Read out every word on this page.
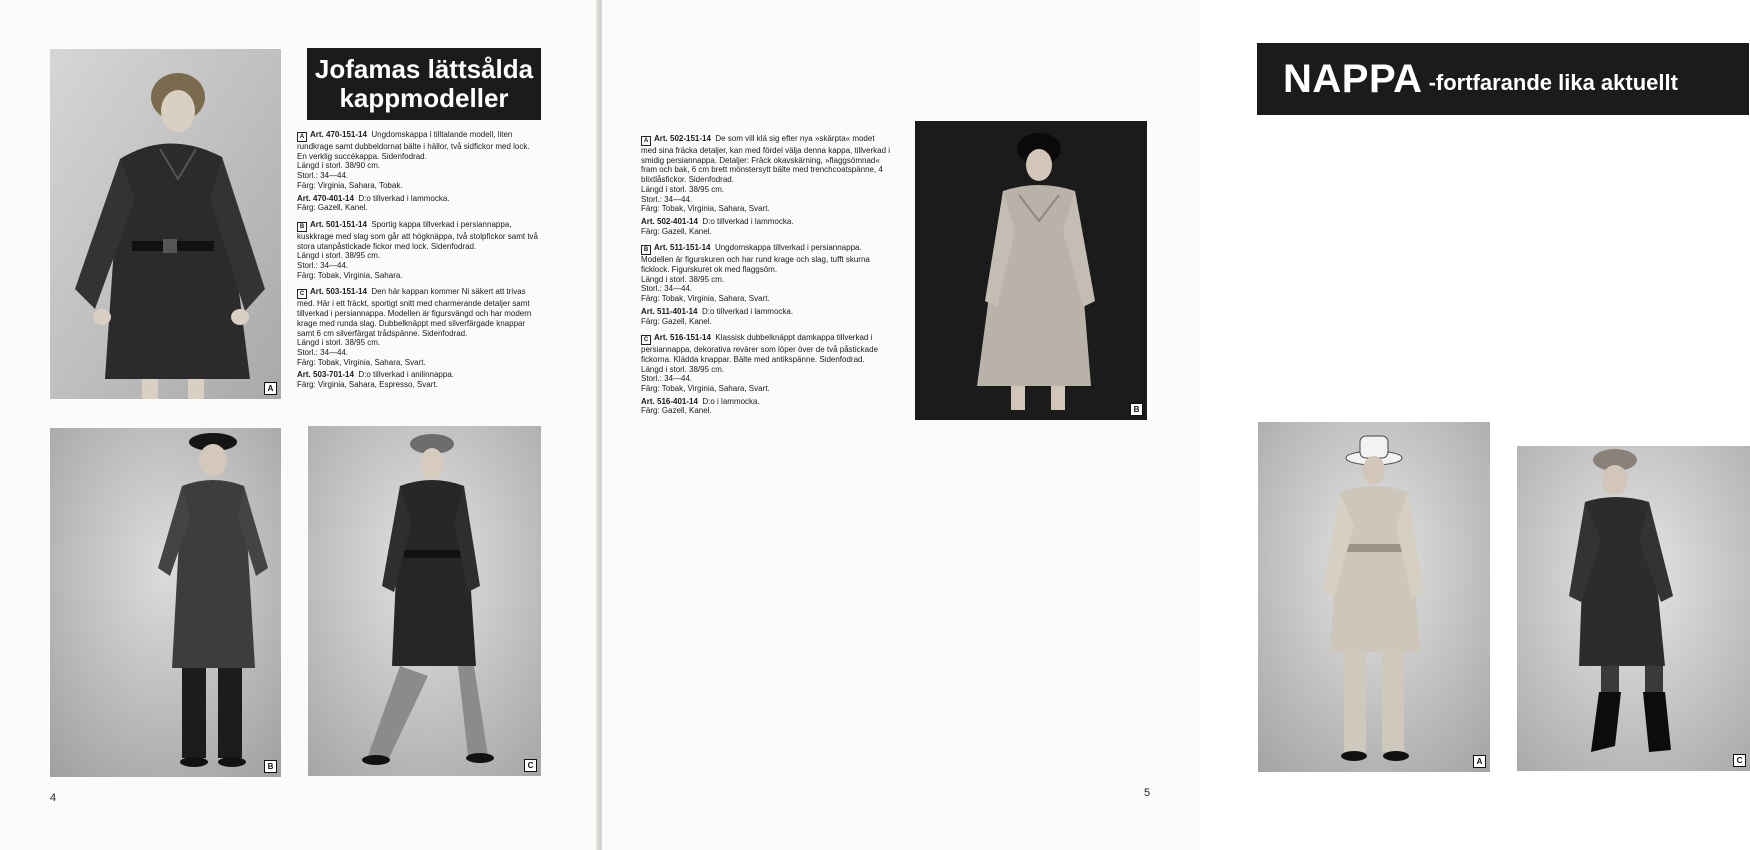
A
Jofamas lättsålda
kappmodeller
A Art. 470-151-14 Ungdomskappa i tilltalande modell, liten rundkrage samt dubbeldornat bälte i hällor, två sidfickor med lock. En verklig succékappa. Sidenfodrad.
Längd i storl. 38/90 cm.
Storl.: 34—44.
Färg: Virginia, Sahara, Tobak.
Art. 470-401-14 D:o tillverkad i lammocka.
Färg: Gazell, Kanel.
B Art. 501-151-14 Sportig kappa tillverkad i persiannappa, kuskkrage med slag som går att högknäppa, två stolpfickor samt två stora utanpåstickade fickor med lock. Sidenfodrad.
Längd i storl. 38/95 cm.
Storl.: 34—44.
Färg: Tobak, Virginia, Sahara.
C Art. 503-151-14 Den här kappan kommer Ni säkert att trivas med. Här i ett fräckt, sportigt snitt med charmerande detaljer samt tillverkad i persiannappa. Modellen är figursvängd och har modern krage med runda slag. Dubbelknäppt med silverfärgade knappar samt 6 cm silverfärgat trådspänne. Sidenfodrad.
Längd i storl. 38/95 cm.
Storl.: 34—44.
Färg: Tobak, Virginia, Sahara, Svart.
Art. 503-701-14 D:o tillverkad i anilinnappa.
Färg: Virginia, Sahara, Espresso, Svart.
B	C
4
NAPPA -fortfarande lika aktuellt
A Art. 502-151-14 De som vill klä sig efter nya »skärpta« modet med sina fräcka detaljer, kan med fördel välja denna kappa, tillverkad i smidig persiannappa. Detaljer: Fräck okavskärning, »flaggsömnad« fram och bak, 6 cm brett mönstersytt bälte med trenchcoatspänne, 4 blixtlåsfickor. Sidenfodrad.
Längd i storl. 38/95 cm.
Storl.: 34—44.
Färg: Tobak, Virginia, Sahara, Svart.
Art. 502-401-14 D:o tillverkad i lammocka.
Färg: Gazell, Kanel.
B Art. 511-151-14 Ungdomskappa tillverkad i persiannappa. Modellen är figurskuren och har rund krage och slag, tufft skurna ficklock. Figurskuret ok med flaggsöm.
Längd i storl. 38/95 cm.
Storl.: 34—44.
Färg: Tobak, Virginia, Sahara, Svart.
Art. 511-401-14 D:o tillverkad i lammocka.
Färg: Gazell, Kanel.
C Art. 516-151-14 Klassisk dubbelknäppt damkappa tillverkad i persiannappa, dekorativa revärer som löper över de två påstickade fickorna. Klädda knappar. Bälte med antikspänne. Sidenfodrad.
Längd i storl. 38/95 cm.
Storl.: 34—44.
Färg: Tobak, Virginia, Sahara, Svart.
Art. 516-401-14 D:o i lammocka.
Färg: Gazell, Kanel.	B
A	C
5
